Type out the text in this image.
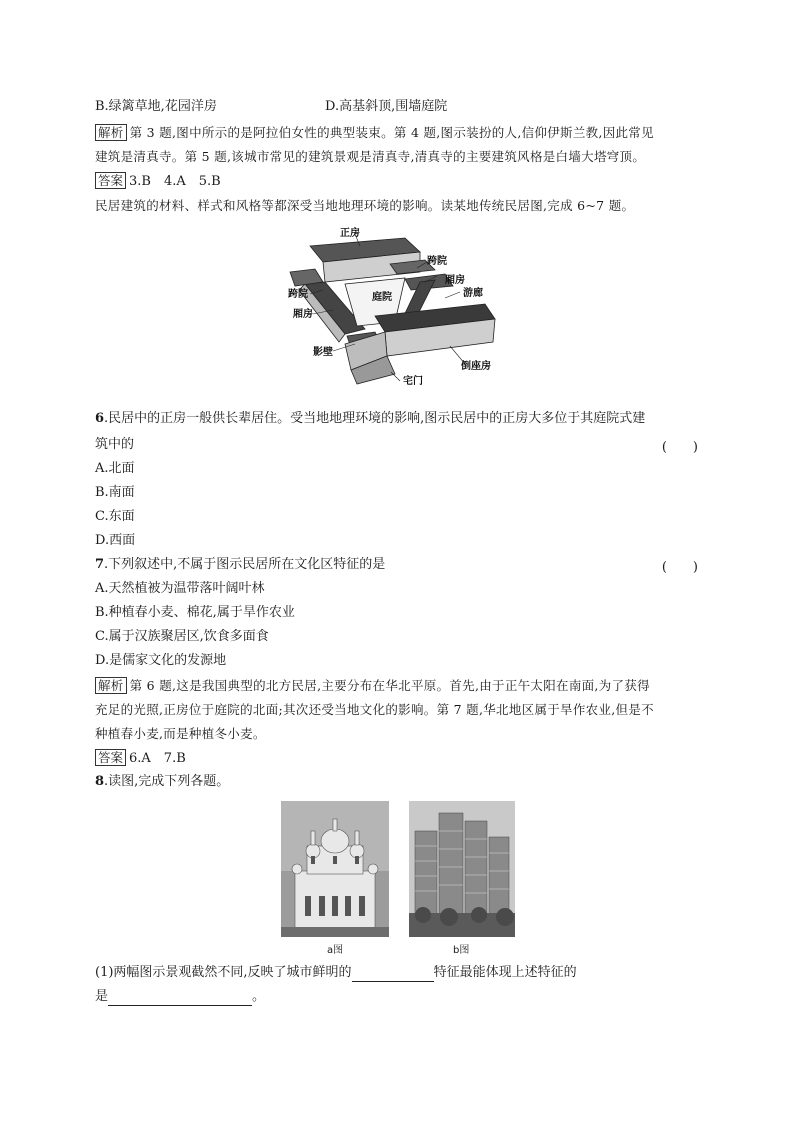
B.绿篱草地,花园洋房	D.高基斜顶,围墙庭院
解析 第 3 题,图中所示的是阿拉伯女性的典型装束。第 4 题,图示装扮的人,信仰伊斯兰教,因此常见
建筑是清真寺。第 5 题,该城市常见的建筑景观是清真寺,清真寺的主要建筑风格是白墙大塔穹顶。
答案 3.B　4.A　5.B
民居建筑的材料、样式和风格等都深受当地地理环境的影响。读某地传统民居图,完成 6~7 题。
正房
跨院
厢房
跨院	庭院	游廊
厢房
影壁
倒座房
宅门
6.民居中的正房一般供长辈居住。受当地地理环境的影响,图示民居中的正房大多位于其庭院式建
筑中的	(　　)
A.北面
B.南面
C.东面
D.西面
7.下列叙述中,不属于图示民居所在文化区特征的是	(　　)
A.天然植被为温带落叶阔叶林
B.种植春小麦、棉花,属于旱作农业
C.属于汉族聚居区,饮食多面食
D.是儒家文化的发源地
解析 第 6 题,这是我国典型的北方民居,主要分布在华北平原。首先,由于正午太阳在南面,为了获得
充足的光照,正房位于庭院的北面;其次还受当地文化的影响。第 7 题,华北地区属于旱作农业,但是不
种植春小麦,而是种植冬小麦。
答案 6.A　7.B
8.读图,完成下列各题。
a图	b图
(1)两幅图示景观截然不同,反映了城市鲜明的	特征最能体现上述特征的
是	。
